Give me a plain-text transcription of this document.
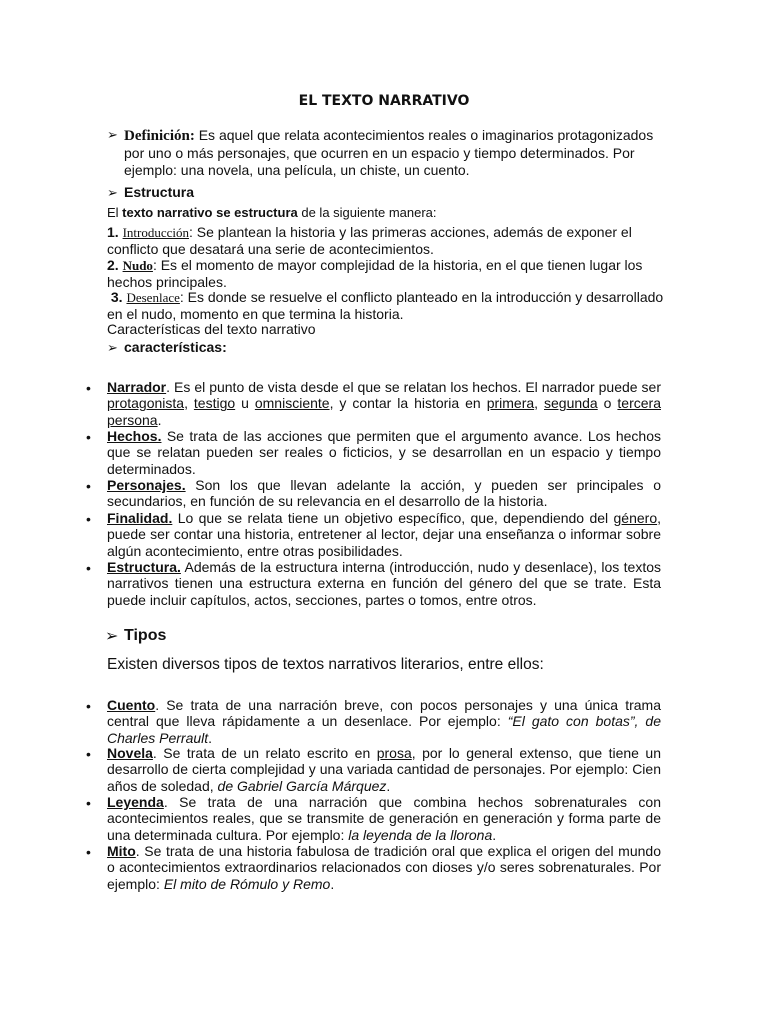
EL TEXTO NARRATIVO
➢ Definición: Es aquel que relata acontecimientos reales o imaginarios protagonizados por uno o más personajes, que ocurren en un espacio y tiempo determinados. Por ejemplo: una novela, una película, un chiste, un cuento.
➢ Estructura
El texto narrativo se estructura de la siguiente manera:
1. Introducción: Se plantean la historia y las primeras acciones, además de exponer el conflicto que desatará una serie de acontecimientos.
2. Nudo: Es el momento de mayor complejidad de la historia, en el que tienen lugar los hechos principales.
3. Desenlace: Es donde se resuelve el conflicto planteado en la introducción y desarrollado en el nudo, momento en que termina la historia.
Características del texto narrativo
➢ características:
• Narrador. Es el punto de vista desde el que se relatan los hechos. El narrador puede ser protagonista, testigo u omnisciente, y contar la historia en primera, segunda o tercera persona.
• Hechos. Se trata de las acciones que permiten que el argumento avance. Los hechos que se relatan pueden ser reales o ficticios, y se desarrollan en un espacio y tiempo determinados.
• Personajes. Son los que llevan adelante la acción, y pueden ser principales o secundarios, en función de su relevancia en el desarrollo de la historia.
• Finalidad. Lo que se relata tiene un objetivo específico, que, dependiendo del género, puede ser contar una historia, entretener al lector, dejar una enseñanza o informar sobre algún acontecimiento, entre otras posibilidades.
• Estructura. Además de la estructura interna (introducción, nudo y desenlace), los textos narrativos tienen una estructura externa en función del género del que se trate. Esta puede incluir capítulos, actos, secciones, partes o tomos, entre otros.
➢ Tipos
Existen diversos tipos de textos narrativos literarios, entre ellos:
• Cuento. Se trata de una narración breve, con pocos personajes y una única trama central que lleva rápidamente a un desenlace. Por ejemplo: “El gato con botas”, de Charles Perrault.
• Novela. Se trata de un relato escrito en prosa, por lo general extenso, que tiene un desarrollo de cierta complejidad y una variada cantidad de personajes. Por ejemplo: Cien años de soledad, de Gabriel García Márquez.
• Leyenda. Se trata de una narración que combina hechos sobrenaturales con acontecimientos reales, que se transmite de generación en generación y forma parte de una determinada cultura. Por ejemplo: la leyenda de la llorona.
• Mito. Se trata de una historia fabulosa de tradición oral que explica el origen del mundo o acontecimientos extraordinarios relacionados con dioses y/o seres sobrenaturales. Por ejemplo: El mito de Rómulo y Remo.
